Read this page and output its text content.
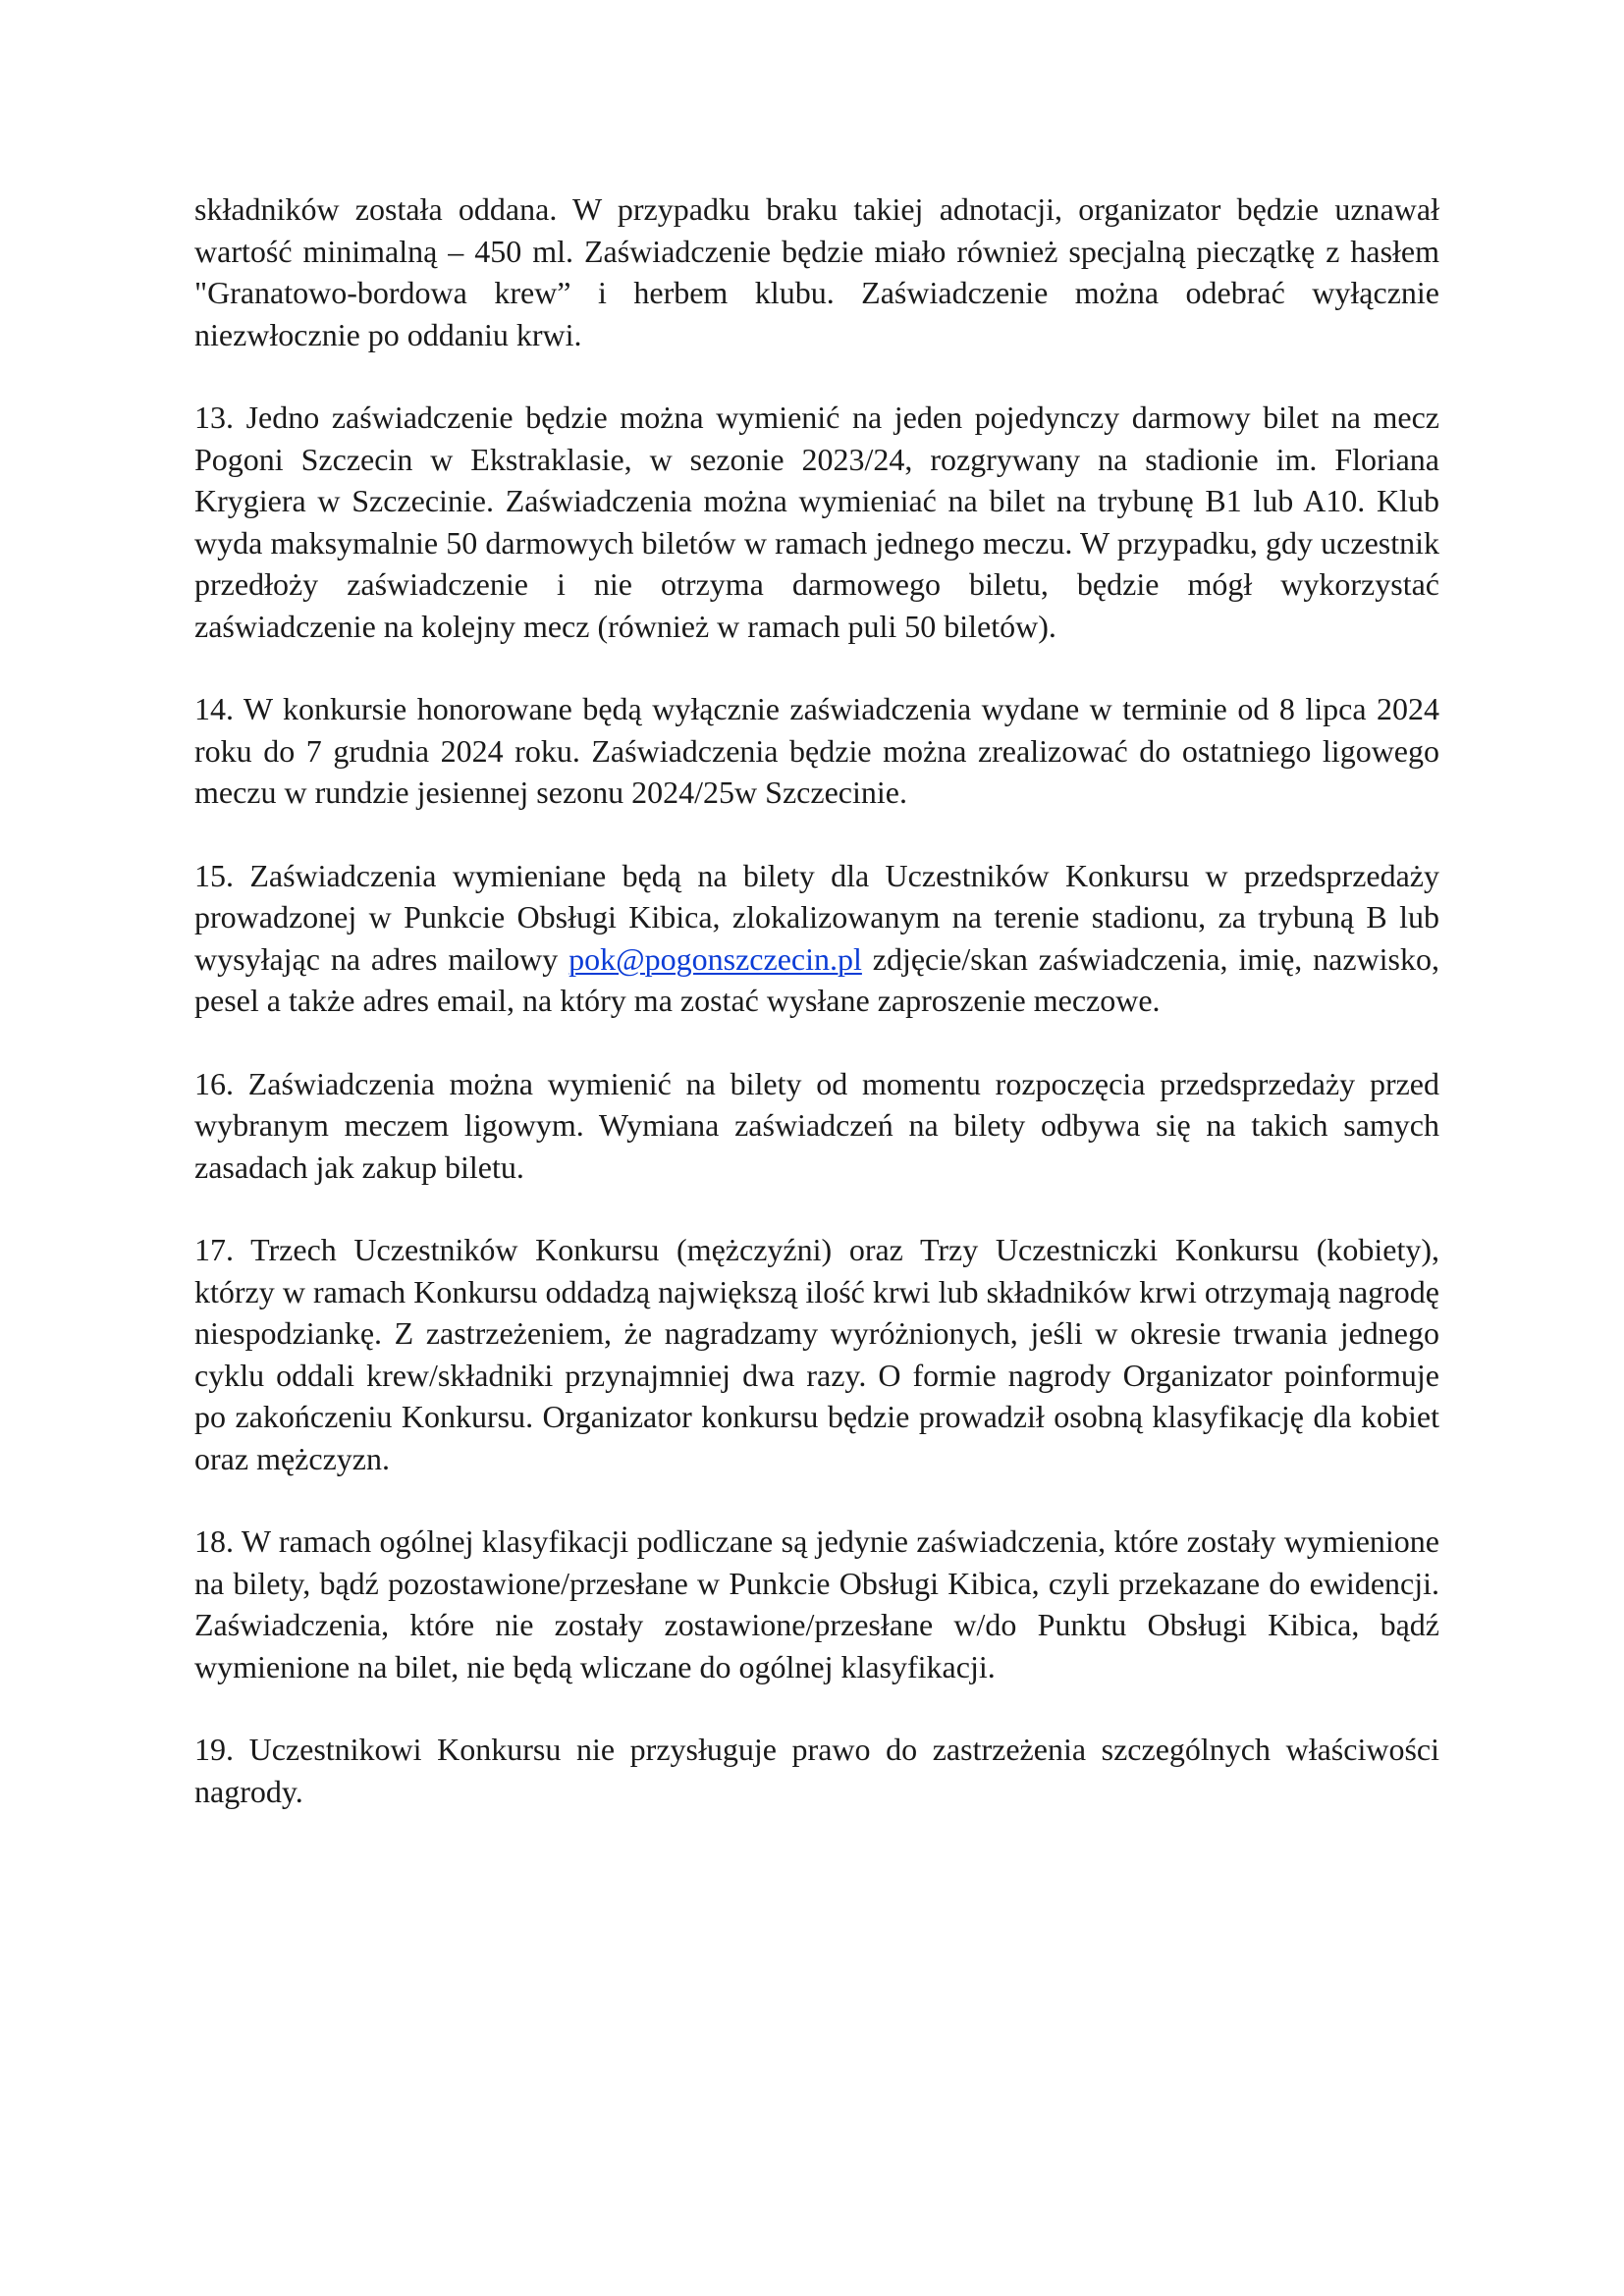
składników została oddana. W przypadku braku takiej adnotacji, organizator będzie uznawał wartość minimalną – 450 ml. Zaświadczenie będzie miało również specjalną pieczątkę z hasłem "Granatowo-bordowa krew” i herbem klubu. Zaświadczenie można odebrać wyłącznie niezwłocznie po oddaniu krwi.

13. Jedno zaświadczenie będzie można wymienić na jeden pojedynczy darmowy bilet na mecz Pogoni Szczecin w Ekstraklasie, w sezonie 2023/24, rozgrywany na stadionie im. Floriana Krygiera w Szczecinie. Zaświadczenia można wymieniać na bilet na trybunę B1 lub A10. Klub wyda maksymalnie 50 darmowych biletów w ramach jednego meczu. W przypadku, gdy uczestnik przedłoży zaświadczenie i nie otrzyma darmowego biletu, będzie mógł wykorzystać zaświadczenie na kolejny mecz (również w ramach puli 50 biletów).

14. W konkursie honorowane będą wyłącznie zaświadczenia wydane w terminie od 8 lipca 2024 roku do 7 grudnia 2024 roku. Zaświadczenia będzie można zrealizować do ostatniego ligowego meczu w rundzie jesiennej sezonu 2024/25w Szczecinie.

15. Zaświadczenia wymieniane będą na bilety dla Uczestników Konkursu w przedsprzedaży prowadzonej w Punkcie Obsługi Kibica, zlokalizowanym na terenie stadionu, za trybuną B lub wysyłając na adres mailowy pok@pogonszczecin.pl zdjęcie/skan zaświadczenia, imię, nazwisko, pesel a także adres email, na który ma zostać wysłane zaproszenie meczowe.

16. Zaświadczenia można wymienić na bilety od momentu rozpoczęcia przedsprzedaży przed wybranym meczem ligowym. Wymiana zaświadczeń na bilety odbywa się na takich samych zasadach jak zakup biletu.

17. Trzech Uczestników Konkursu (mężczyźni) oraz Trzy Uczestniczki Konkursu (kobiety), którzy w ramach Konkursu oddadzą największą ilość krwi lub składników krwi otrzymają nagrodę niespodziankę. Z zastrzeżeniem, że nagradzamy wyróżnionych, jeśli w okresie trwania jednego cyklu oddali krew/składniki przynajmniej dwa razy. O formie nagrody Organizator poinformuje po zakończeniu Konkursu. Organizator konkursu będzie prowadził osobną klasyfikację dla kobiet oraz mężczyzn.

18. W ramach ogólnej klasyfikacji podliczane są jedynie zaświadczenia, które zostały wymienione na bilety, bądź pozostawione/przesłane w Punkcie Obsługi Kibica, czyli przekazane do ewidencji. Zaświadczenia, które nie zostały zostawione/przesłane w/do Punktu Obsługi Kibica, bądź wymienione na bilet, nie będą wliczane do ogólnej klasyfikacji.

19. Uczestnikowi Konkursu nie przysługuje prawo do zastrzeżenia szczególnych właściwości nagrody.
